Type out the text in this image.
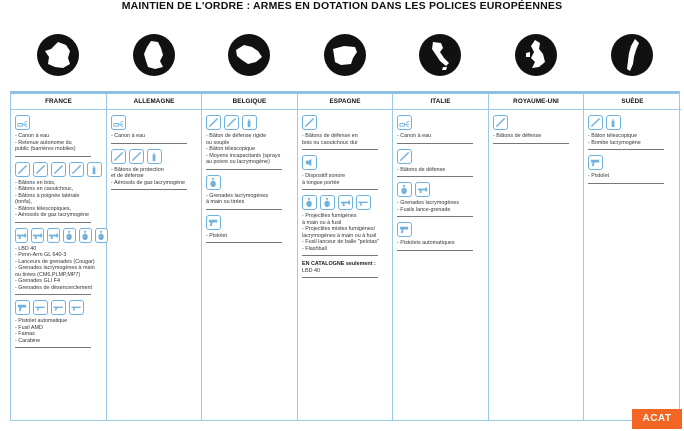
MAINTIEN DE L'ORDRE : ARMES EN DOTATION DANS LES POLICES EUROPÉENNES
FRANCE
- Canon à eau
- Retenue autonome du
public (barrières mobiles)
- Bâtons en bois,
- Bâtons en caoutchouc,
- Bâtons à poignée latérale
(tonfa),
- Bâtons télescopiques,
- Aérosols de gaz lacrymogène
- LBD 40
- Penn-Arm GL 640-3
- Lanceurs de grenades (Cougar)
- Grenades lacrymogènes à main
ou tirées (CM6,PLMP,MP7)
- Grenades GLI F4
- Grenades de désencerclement
- Pistolet automatique
- Fusil AMD
- Famas
- Carabine
ALLEMAGNE
- Canon à eau
- Bâtons de protection
et de défense
- Aérosols de gaz lacrymogène
BELGIQUE
- Bâton de défense rigide
ou souple
- Bâton télescopique
- Moyens incapacitants (sprays
au poivre ou lacrymogène)
- Grenades lacrymogènes
à main ou tirées
- Pistolet
ESPAGNE
- Bâtons de défense en
bois ou caoutchouc dur
- Dispositif sonore
à longue portée
- Projectiles fumigènes
à main ou à fusil
- Projectiles mixtes fumigènes/
lacrymogènes à main ou à fusil
- Fusil lanceur de balle "pelotas"
- Flashball
EN CATALOGNE seulement :
LBD 40
ITALIE
- Canon à eau
- Bâtons de défense
- Grenades lacrymogènes
- Fusils lance-grenade
- Pistolets automatiques
ROYAUME-UNI
- Bâtons de défense
SUÈDE
- Bâton télescopique
- Bombe lacrymogène
- Pistolet
ACAT
